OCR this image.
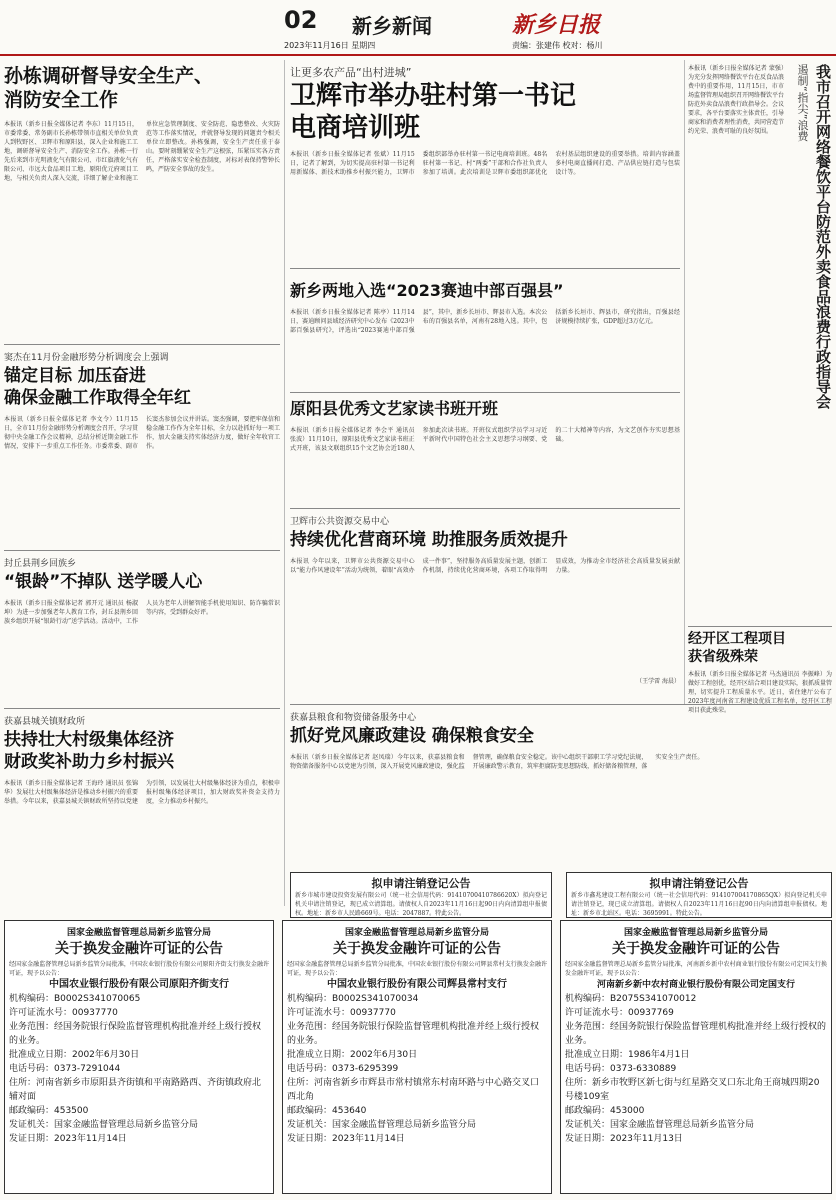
02 新乡新闻
2023年11月16日 星期四
新乡日报
责编：张建伟 校对：杨川
孙栋调研督导安全生产、
消防安全工作
本报讯（新乡日报全媒体记者 李东）11月15日，市委常委、常务副市长孙栋带领市直相关单位负责人到牧野区、卫辉市和原阳县，深入企业和施工工地，调研督导安全生产、消防安全工作。孙栋一行先后来到市光明液化气有限公司、市红旗液化气有限公司、市远大食品项目工地、原阳优元府项目工地，与相关负责人深入交流，详细了解企业和施工单位应急管理制度、安全防范、隐患整改、火灾防范等工作落实情况，并就督导发现的问题责令相关单位立即整改。孙栋强调，安全生产责任重于泰山。要时刻绷紧安全生产这根弦，压紧压实各方责任，严格落实安全检查制度，对标对表保持警钟长鸣，严防安全事故的发生。
窦杰在11月份金融形势分析调度会上强调
锚定目标 加压奋进
确保金融工作取得全年红
本报讯（新乡日报全媒体记者 李文令）11月15日，全市11月份金融形势分析调度会召开，学习贯彻中央金融工作会议精神，总结分析近期金融工作情况，安排下一步重点工作任务。市委常委、副市长窦杰参加会议并讲话。窦杰强调，要把牢保信和稳金融工作作为全年目标，全力以赴抓好每一项工作，加大金融支持实体经济力度，做好全年收官工作。
封丘县荆乡回族乡
“银龄”不掉队 送学暖人心
本报讯（新乡日报全媒体记者 郭开元 通讯员 杨淑坤）为进一步加强老年人教育工作，封丘县荆乡回族乡组织开展“银龄行动”送学活动。活动中，工作人员为老年人讲解智能手机使用知识、防诈骗常识等内容，受到群众好评。
获嘉县城关镇财政所
扶持壮大村级集体经济
财政奖补助力乡村振兴
本报讯（新乡日报全媒体记者 王海玲 通讯员 张锦华）发展壮大村级集体经济是推动乡村振兴的重要举措。今年以来，获嘉县城关镇财政所坚持以党建为引领，以发展壮大村级集体经济为重点，积极申报村级集体经济项目，加大财政奖补资金支持力度，全力推动乡村振兴。
让更多农产品“出村进城”
卫辉市举办驻村第一书记
电商培训班
本报讯（新乡日报全媒体记者 张斌）11月15日，记者了解到，为切实提高驻村第一书记利用新媒体、新技术助推乡村振兴能力，卫辉市委组织部举办驻村第一书记电商培训班。48名驻村第一书记、村“两委”干部和合作社负责人参加了培训。此次培训是卫辉市委组织部优化农村基层组织建设的重要举措。培训内容涵盖多村电商直播间打造、产品供应链打造与包装设计等。
新乡两地入选“2023赛迪中部百强县”
本报讯（新乡日报全媒体记者 陈亭）11月14日，赛迪顾问县域经济研究中心发布《2023中部百强县研究》，评选出“2023赛迪中部百强县”，其中，新乡长垣市、辉县市入选。本次公布的百强县名单，河南有28地入选。其中，包括新乡长垣市、辉县市，研究指出，百强县经济规模持续扩张，GDP超过3万亿元。
原阳县优秀文艺家读书班开班
本报讯（新乡日报全媒体记者 李会平 通讯员 张波）11月10日，原阳县优秀文艺家读书班正式开班，该县文联组织15个文艺协会近180人参加此次读书班。开班仪式组织学员学习习近平新时代中国特色社会主义思想学习纲要、党的二十大精神等内容，为文艺创作夯实思想基础。
卫辉市公共资源交易中心
持续优化营商环境 助推服务质效提升
本报讯 今年以来，卫辉市公共资源交易中心以“能力作风建设年”活动为统领，着眼“高效办成一件事”，坚持服务高质量发展主题，创新工作机制，持续优化营商环境，各项工作取得明显成效，为推动全市经济社会高质量发展贡献力量。
（王学雷 海晨）
获嘉县粮食和物资储备服务中心
抓好党风廉政建设 确保粮食安全
本报讯（新乡日报全媒体记者 赵凤瑞）今年以来，获嘉县粮食和物资储备服务中心以党建为引领，深入开展党风廉政建设，强化监督管理，确保粮食安全稳定。该中心组织干部职工学习党纪法规，开展廉政警示教育，筑牢拒腐防变思想防线，抓好储备粮管理，落实安全生产责任。
我市召开网络餐饮平台防范外卖食品浪费行政指导会
遏制“指尖”浪费
本报讯（新乡日报全媒体记者 蒙强）为充分发挥网络餐饮平台在反食品浪费中的重要作用，11月15日，市市场监督管理局组织召开网络餐饮平台防范外卖食品浪费行政指导会。会议要求，各平台要落实主体责任，引导商家和消费者理性消费，共同营造节约光荣、浪费可耻的良好氛围。
经开区工程项目
获省级殊荣
本报讯（新乡日报全媒体记者 马杰通讯员 李振峰）为做好工程创优，经开区结合项目建设实际，狠抓质量管理，切实提升工程质量水平。近日，省住建厅公布了2023年度河南省工程建设优质工程名单，经开区工程项目获此殊荣。
拟申请注销登记公告
新乡市城市建设投资发展有限公司（统一社会信用代码：91410700410786620X）拟向登记机关申请注销登记，现已成立清算组。请债权人自2023年11月16日起90日内向清算组申报债权。地址：新乡市人民路669号。电话：2047887。特此公告。
拟申请注销登记公告
新乡市鑫兆建设工程有限公司（统一社会信用代码：914107004170865QX）拟向登记机关申请注销登记，现已成立清算组。请债权人自2023年11月16日起90日内向清算组申报债权。地址：新乡市北站区。电话：3695991。特此公告。
国家金融监督管理总局新乡监管分局
关于换发金融许可证的公告
经国家金融监督管理总局新乡监管分局批准，中国农业银行股份有限公司原阳齐街支行换发金融许可证，现予以公告：
中国农业银行股份有限公司原阳齐街支行
机构编码：B0002S341070065
许可证流水号：00937770
业务范围：经国务院银行保险监督管理机构批准并经上级行授权的业务。
批准成立日期：2002年6月30日
电话号码：0373-7291044
住所：河南省新乡市原阳县齐街镇和平南路路西、齐街镇政府北辅对面
邮政编码：453500
发证机关：国家金融监督管理总局新乡监管分局
发证日期：2023年11月14日
国家金融监督管理总局新乡监管分局
关于换发金融许可证的公告
经国家金融监督管理总局新乡监管分局批准，中国农业银行股份有限公司辉县常村支行换发金融许可证，现予以公告：
中国农业银行股份有限公司辉县常村支行
机构编码：B0002S341070034
许可证流水号：00937770
业务范围：经国务院银行保险监督管理机构批准并经上级行授权的业务。
批准成立日期：2002年6月30日
电话号码：0373-6295399
住所：河南省新乡市辉县市常村镇常东村南环路与中心路交叉口西北角
邮政编码：453640
发证机关：国家金融监督管理总局新乡监管分局
发证日期：2023年11月14日
国家金融监督管理总局新乡监管分局
关于换发金融许可证的公告
经国家金融监督管理总局新乡监管分局批准，河南新乡新中农村商业银行股份有限公司定国支行换发金融许可证，现予以公告：
河南新乡新中农村商业银行股份有限公司定国支行
机构编码：B2075S341070012
许可证流水号：00937769
业务范围：经国务院银行保险监督管理机构批准并经上级行授权的业务。
批准成立日期：1986年4月1日
电话号码：0373-6330889
住所：新乡市牧野区新七街与红星路交叉口东北角王商城四期20号楼109室
邮政编码：453000
发证机关：国家金融监督管理总局新乡监管分局
发证日期：2023年11月13日
